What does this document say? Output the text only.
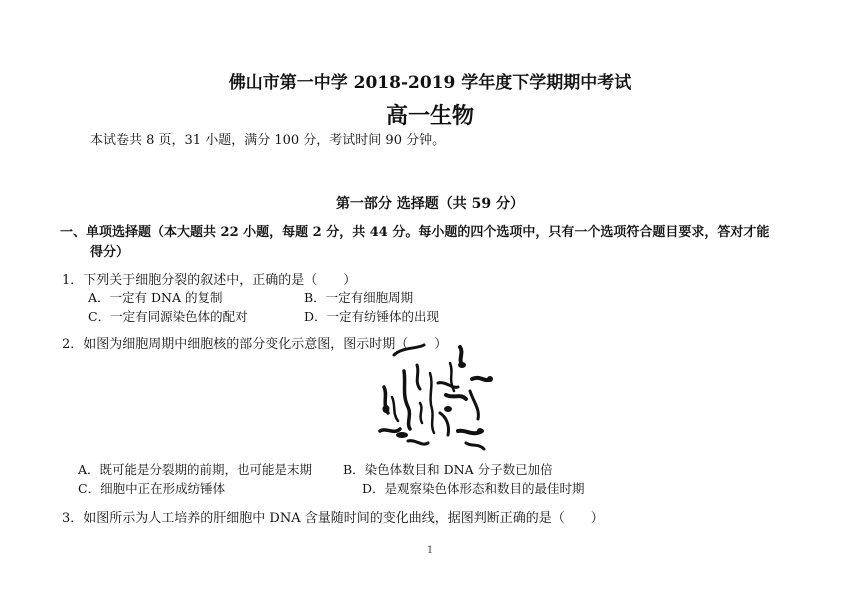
佛山市第一中学 2018-2019 学年度下学期期中考试
高一生物
本试卷共 8 页，31 小题，满分 100 分，考试时间 90 分钟。
第一部分 选择题（共 59 分）
一、单项选择题（本大题共 22 小题，每题 2 分，共 44 分。每小题的四个选项中，只有一个选项符合题目要求，答对才能
得分）
1．下列关于细胞分裂的叙述中，正确的是（　　）
A．一定有 DNA 的复制	B．一定有细胞周期
C．一定有同源染色体的配对	D．一定有纺锤体的出现
2．如图为细胞周期中细胞核的部分变化示意图，图示时期（　　）
A．既可能是分裂期的前期，也可能是末期 B．染色体数目和 DNA 分子数已加倍
C．细胞中正在形成纺锤体	D．是观察染色体形态和数目的最佳时期
3．如图所示为人工培养的肝细胞中 DNA 含量随时间的变化曲线，据图判断正确的是（　　）
1
